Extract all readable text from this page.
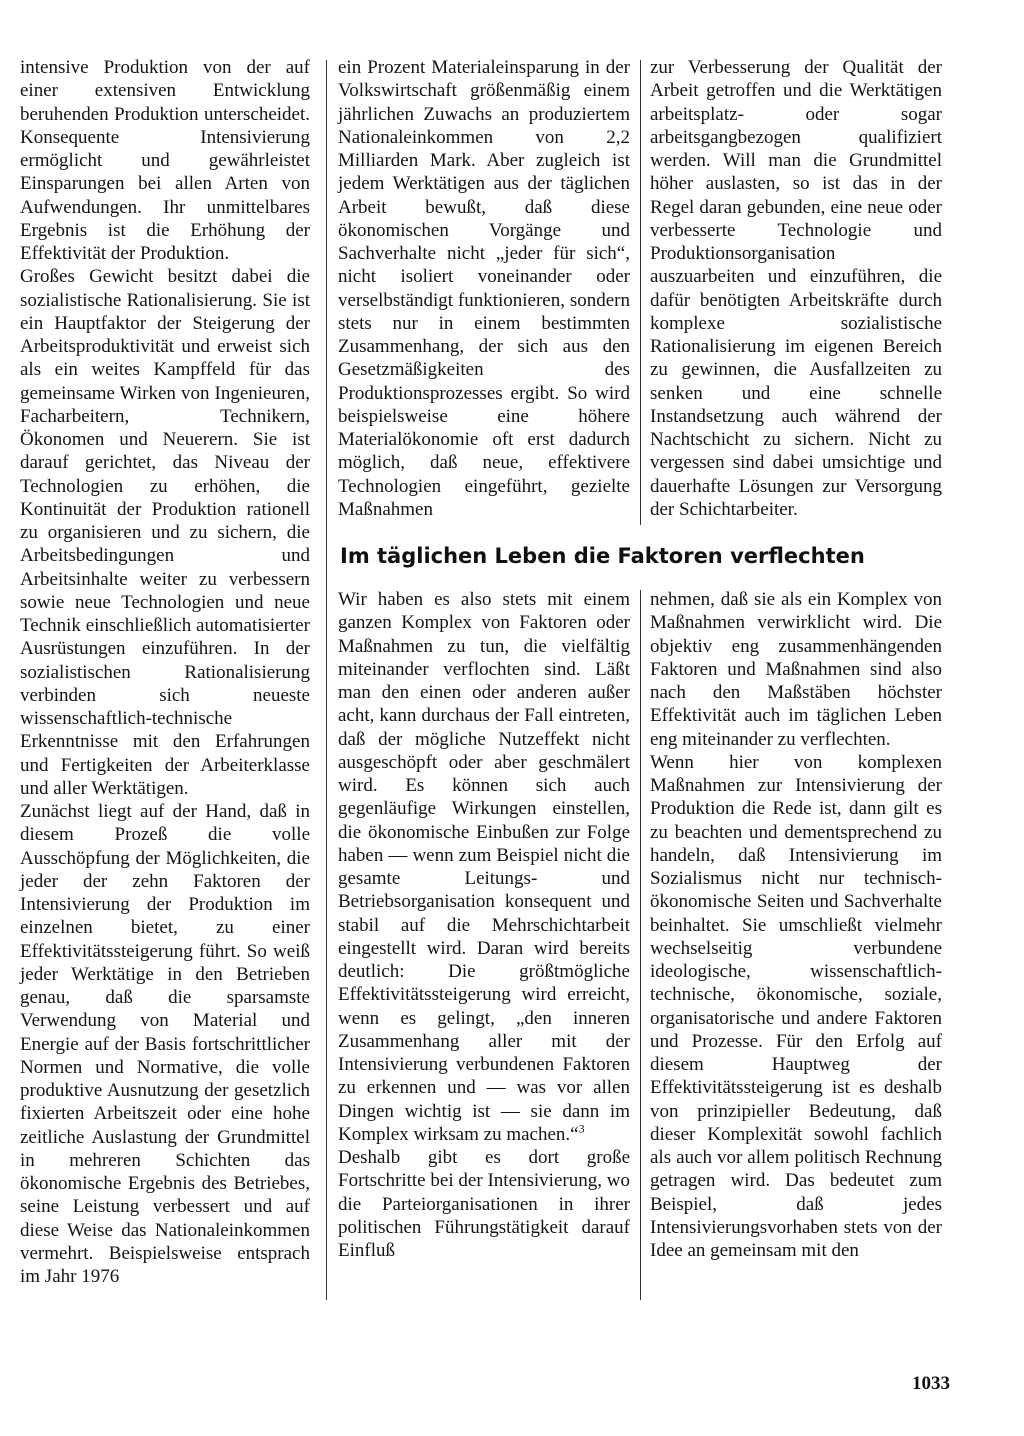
intensive Produktion von der auf einer extensiven Entwicklung beruhenden Produktion unterscheidet. Konsequente Intensivierung ermöglicht und gewährleistet Einsparungen bei allen Arten von Aufwendungen. Ihr unmittelbares Ergebnis ist die Erhöhung der Effektivität der Produktion.

Großes Gewicht besitzt dabei die sozialistische Rationalisierung. Sie ist ein Hauptfaktor der Steigerung der Arbeitsproduktivität und erweist sich als ein weites Kampffeld für das gemeinsame Wirken von Ingenieuren, Facharbeitern, Technikern, Ökonomen und Neuerern. Sie ist darauf gerichtet, das Niveau der Technologien zu erhöhen, die Kontinuität der Produktion rationell zu organisieren und zu sichern, die Arbeitsbedingungen und Arbeitsinhalte weiter zu verbessern sowie neue Technologien und neue Technik einschließlich automatisierter Ausrüstungen einzuführen. In der sozialistischen Rationalisierung verbinden sich neueste wissenschaftlich-technische Erkenntnisse mit den Erfahrungen und Fertigkeiten der Arbeiterklasse und aller Werktätigen.

Zunächst liegt auf der Hand, daß in diesem Prozeß die volle Ausschöpfung der Möglichkeiten, die jeder der zehn Faktoren der Intensivierung der Produktion im einzelnen bietet, zu einer Effektivitätssteigerung führt. So weiß jeder Werktätige in den Betrieben genau, daß die sparsamste Verwendung von Material und Energie auf der Basis fortschrittlicher Normen und Normative, die volle produktive Ausnutzung der gesetzlich fixierten Arbeitszeit oder eine hohe zeitliche Auslastung der Grundmittel in mehreren Schichten das ökonomische Ergebnis des Betriebes, seine Leistung verbessert und auf diese Weise das Nationaleinkommen vermehrt. Beispielsweise entsprach im Jahr 1976

ein Prozent Materialeinsparung in der Volkswirtschaft größenmäßig einem jährlichen Zuwachs an produziertem Nationaleinkommen von 2,2 Milliarden Mark. Aber zugleich ist jedem Werktätigen aus der täglichen Arbeit bewußt, daß diese ökonomischen Vorgänge und Sachverhalte nicht „jeder für sich“, nicht isoliert voneinander oder verselbständigt funktionieren, sondern stets nur in einem bestimmten Zusammenhang, der sich aus den Gesetzmäßigkeiten des Produktionsprozesses ergibt. So wird beispielsweise eine höhere Materialökonomie oft erst dadurch möglich, daß neue, effektivere Technologien eingeführt, gezielte Maßnahmen

zur Verbesserung der Qualität der Arbeit getroffen und die Werktätigen arbeitsplatz- oder sogar arbeitsgangbezogen qualifiziert werden. Will man die Grundmittel höher auslasten, so ist das in der Regel daran gebunden, eine neue oder verbesserte Technologie und Produktionsorganisation auszuarbeiten und einzuführen, die dafür benötigten Arbeitskräfte durch komplexe sozialistische Rationalisierung im eigenen Bereich zu gewinnen, die Ausfallzeiten zu senken und eine schnelle Instandsetzung auch während der Nachtschicht zu sichern. Nicht zu vergessen sind dabei umsichtige und dauerhafte Lösungen zur Versorgung der Schichtarbeiter.

Im täglichen Leben die Faktoren verflechten

Wir haben es also stets mit einem ganzen Komplex von Faktoren oder Maßnahmen zu tun, die vielfältig miteinander verflochten sind. Läßt man den einen oder anderen außer acht, kann durchaus der Fall eintreten, daß der mögliche Nutzeffekt nicht ausgeschöpft oder aber geschmälert wird. Es können sich auch gegenläufige Wirkungen einstellen, die ökonomische Einbußen zur Folge haben — wenn zum Beispiel nicht die gesamte Leitungs- und Betriebsorganisation konsequent und stabil auf die Mehrschichtarbeit eingestellt wird. Daran wird bereits deutlich: Die größtmögliche Effektivitätssteigerung wird erreicht, wenn es gelingt, „den inneren Zusammenhang aller mit der Intensivierung verbundenen Faktoren zu erkennen und — was vor allen Dingen wichtig ist — sie dann im Komplex wirksam zu machen.“$^3$

Deshalb gibt es dort große Fortschritte bei der Intensivierung, wo die Parteiorganisationen in ihrer politischen Führungstätigkeit darauf Einfluß

nehmen, daß sie als ein Komplex von Maßnahmen verwirklicht wird. Die objektiv eng zusammenhängenden Faktoren und Maßnahmen sind also nach den Maßstäben höchster Effektivität auch im täglichen Leben eng miteinander zu verflechten.

Wenn hier von komplexen Maßnahmen zur Intensivierung der Produktion die Rede ist, dann gilt es zu beachten und dementsprechend zu handeln, daß Intensivierung im Sozialismus nicht nur technisch-ökonomische Seiten und Sachverhalte beinhaltet. Sie umschließt vielmehr wechselseitig verbundene ideologische, wissenschaftlich-technische, ökonomische, soziale, organisatorische und andere Faktoren und Prozesse. Für den Erfolg auf diesem Hauptweg der Effektivitätssteigerung ist es deshalb von prinzipieller Bedeutung, daß dieser Komplexität sowohl fachlich als auch vor allem politisch Rechnung getragen wird. Das bedeutet zum Beispiel, daß jedes Intensivierungsvorhaben stets von der Idee an gemeinsam mit den

1033
